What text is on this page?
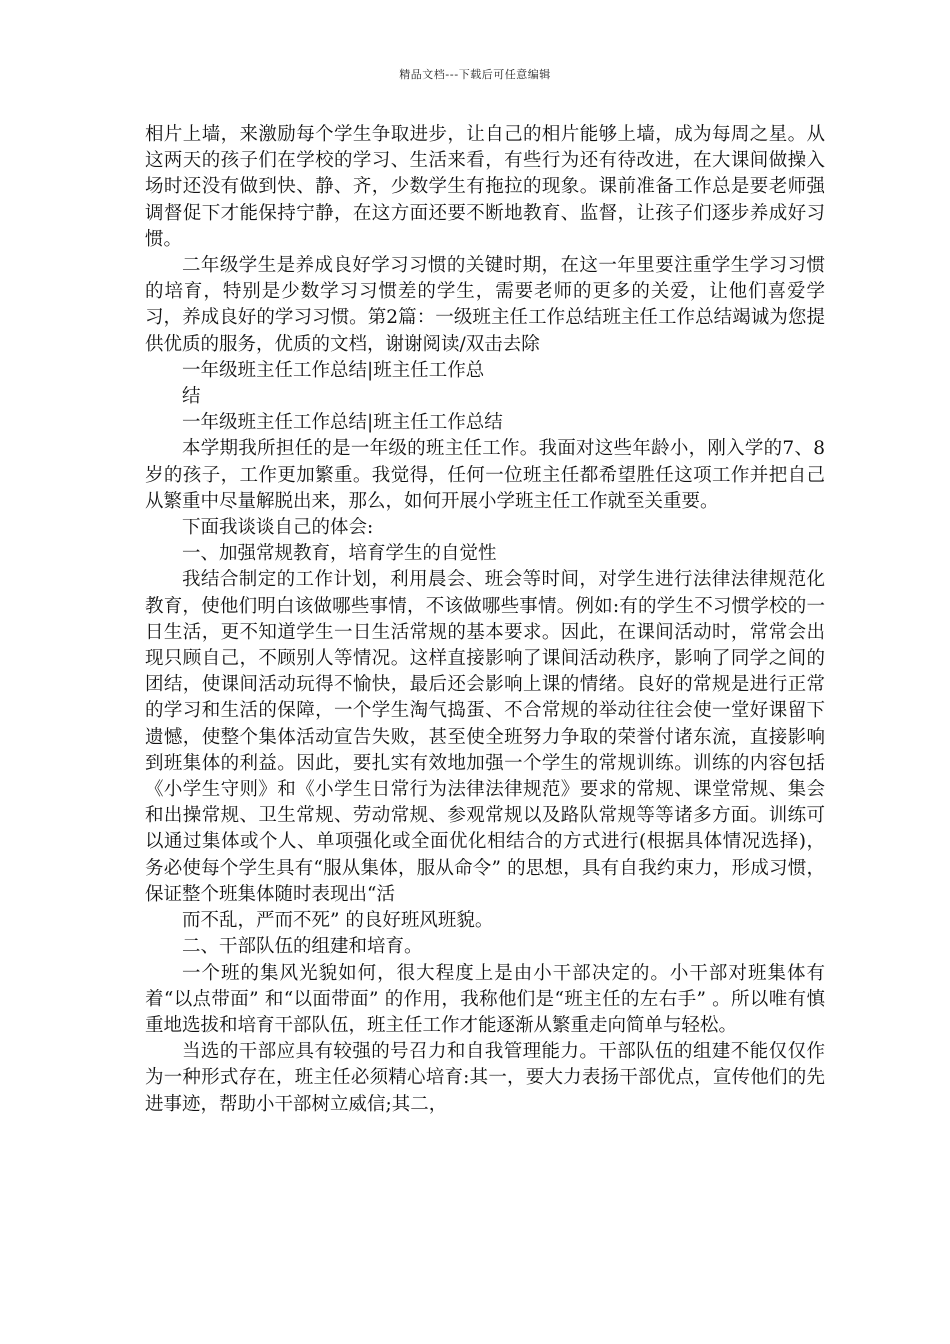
精品文档---下载后可任意编辑

相片上墙，来激励每个学生争取进步，让自己的相片能够上墙，成为每周之星。从这两天的孩子们在学校的学习、生活来看，有些行为还有待改进，在大课间做操入场时还没有做到快、静、齐，少数学生有拖拉的现象。课前准备工作总是要老师强调督促下才能保持宁静，在这方面还要不断地教育、监督，让孩子们逐步养成好习惯。

二年级学生是养成良好学习习惯的关键时期，在这一年里要注重学生学习习惯的培育，特别是少数学习习惯差的学生，需要老师的更多的关爱，让他们喜爱学习，养成良好的学习习惯。第2篇：一级班主任工作总结班主任工作总结竭诚为您提供优质的服务，优质的文档，谢谢阅读/双击去除

一年级班主任工作总结|班主任工作总

结

一年级班主任工作总结|班主任工作总结

本学期我所担任的是一年级的班主任工作。我面对这些年龄小，刚入学的7、8岁的孩子，工作更加繁重。我觉得，任何一位班主任都希望胜任这项工作并把自己从繁重中尽量解脱出来，那么，如何开展小学班主任工作就至关重要。

下面我谈谈自己的体会:

一、加强常规教育，培育学生的自觉性

我结合制定的工作计划，利用晨会、班会等时间，对学生进行法律法律规范化教育，使他们明白该做哪些事情，不该做哪些事情。例如:有的学生不习惯学校的一日生活，更不知道学生一日生活常规的基本要求。因此，在课间活动时，常常会出现只顾自己，不顾别人等情况。这样直接影响了课间活动秩序，影响了同学之间的团结，使课间活动玩得不愉快，最后还会影响上课的情绪。良好的常规是进行正常的学习和生活的保障，一个学生淘气捣蛋、不合常规的举动往往会使一堂好课留下遗憾，使整个集体活动宣告失败，甚至使全班努力争取的荣誉付诸东流，直接影响到班集体的利益。因此，要扎实有效地加强一个学生的常规训练。训练的内容包括《小学生守则》和《小学生日常行为法律法律规范》要求的常规、课堂常规、集会和出操常规、卫生常规、劳动常规、参观常规以及路队常规等等诸多方面。训练可以通过集体或个人、单项强化或全面优化相结合的方式进行(根据具体情况选择)，务必使每个学生具有“服从集体，服从命令” 的思想，具有自我约束力，形成习惯，保证整个班集体随时表现出“活

而不乱，严而不死” 的良好班风班貌。

二、干部队伍的组建和培育。

一个班的集风光貌如何，很大程度上是由小干部决定的。小干部对班集体有着“以点带面” 和“以面带面” 的作用，我称他们是“班主任的左右手” 。所以唯有慎重地选拔和培育干部队伍，班主任工作才能逐渐从繁重走向简单与轻松。

当选的干部应具有较强的号召力和自我管理能力。干部队伍的组建不能仅仅作为一种形式存在，班主任必须精心培育:其一，要大力表扬干部优点，宣传他们的先进事迹，帮助小干部树立威信;其二，
